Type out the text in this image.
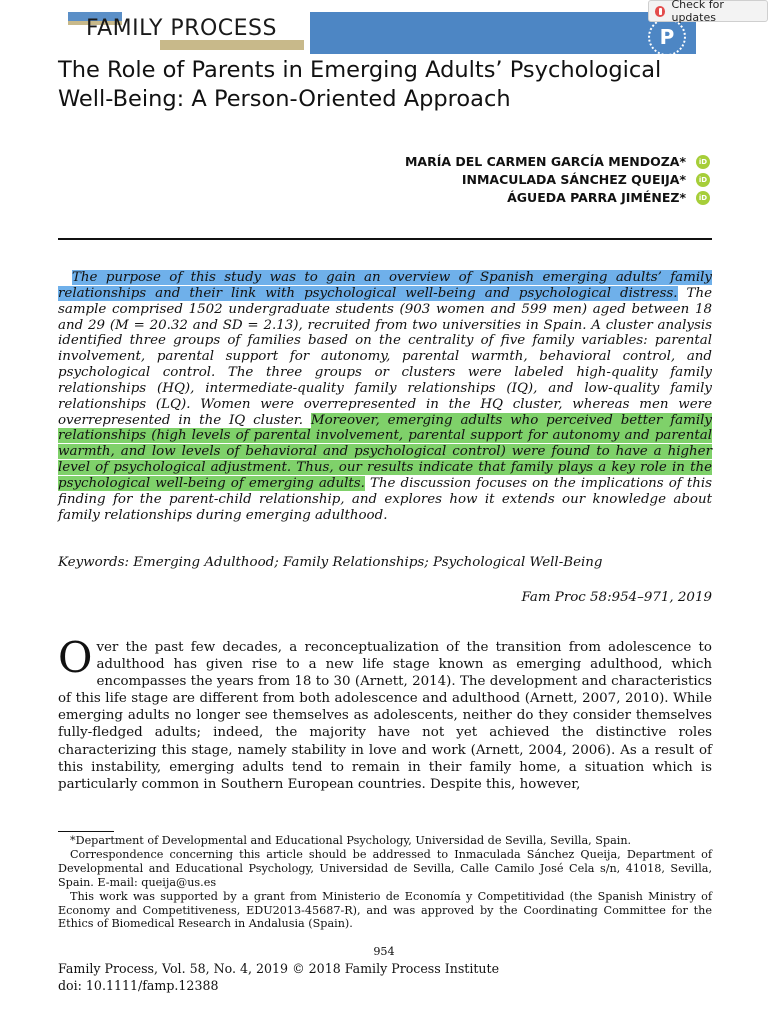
FAMILY PROCESS	P
Check for updates
The Role of Parents in Emerging Adults’ Psychological Well-Being: A Person-Oriented Approach
MARÍA DEL CARMEN GARCÍA MENDOZA*
INMACULADA SÁNCHEZ QUEIJA*
ÁGUEDA PARRA JIMÉNEZ*
iD
iD
iD
The purpose of this study was to gain an overview of Spanish emerging adults’ family relationships and their link with psychological well-being and psychological distress. The sample comprised 1502 undergraduate students (903 women and 599 men) aged between 18 and 29 (M = 20.32 and SD = 2.13), recruited from two universities in Spain. A cluster analysis identified three groups of families based on the centrality of five family variables: parental involvement, parental support for autonomy, parental warmth, behavioral control, and psychological control. The three groups or clusters were labeled high-quality family relationships (HQ), intermediate-quality family relationships (IQ), and low-quality family relationships (LQ). Women were overrepresented in the HQ cluster, whereas men were overrepresented in the IQ cluster. Moreover, emerging adults who perceived better family relationships (high levels of parental involvement, parental support for autonomy and parental warmth, and low levels of behavioral and psychological control) were found to have a higher level of psychological adjustment. Thus, our results indicate that family plays a key role in the psychological well-being of emerging adults. The discussion focuses on the implications of this finding for the parent-child relationship, and explores how it extends our knowledge about family relationships during emerging adulthood.
Keywords: Emerging Adulthood; Family Relationships; Psychological Well-Being
Fam Proc 58:954–971, 2019
Over the past few decades, a reconceptualization of the transition from adolescence to adulthood has given rise to a new life stage known as emerging adulthood, which encompasses the years from 18 to 30 (Arnett, 2014). The development and characteristics of this life stage are different from both adolescence and adulthood (Arnett, 2007, 2010). While emerging adults no longer see themselves as adolescents, neither do they consider themselves fully-fledged adults; indeed, the majority have not yet achieved the distinctive roles characterizing this stage, namely stability in love and work (Arnett, 2004, 2006). As a result of this instability, emerging adults tend to remain in their family home, a situation which is particularly common in Southern European countries. Despite this, however,

*Department of Developmental and Educational Psychology, Universidad de Sevilla, Sevilla, Spain.

Correspondence concerning this article should be addressed to Inmaculada Sánchez Queija, Department of Developmental and Educational Psychology, Universidad de Sevilla, Calle Camilo José Cela s/n, 41018, Sevilla, Spain. E-mail: queija@us.es

This work was supported by a grant from Ministerio de Economía y Competitividad (the Spanish Ministry of Economy and Competitiveness, EDU2013-45687-R), and was approved by the Coordinating Committee for the Ethics of Biomedical Research in Andalusia (Spain).

954
Family Process, Vol. 58, No. 4, 2019 © 2018 Family Process Institute
doi: 10.1111/famp.12388
